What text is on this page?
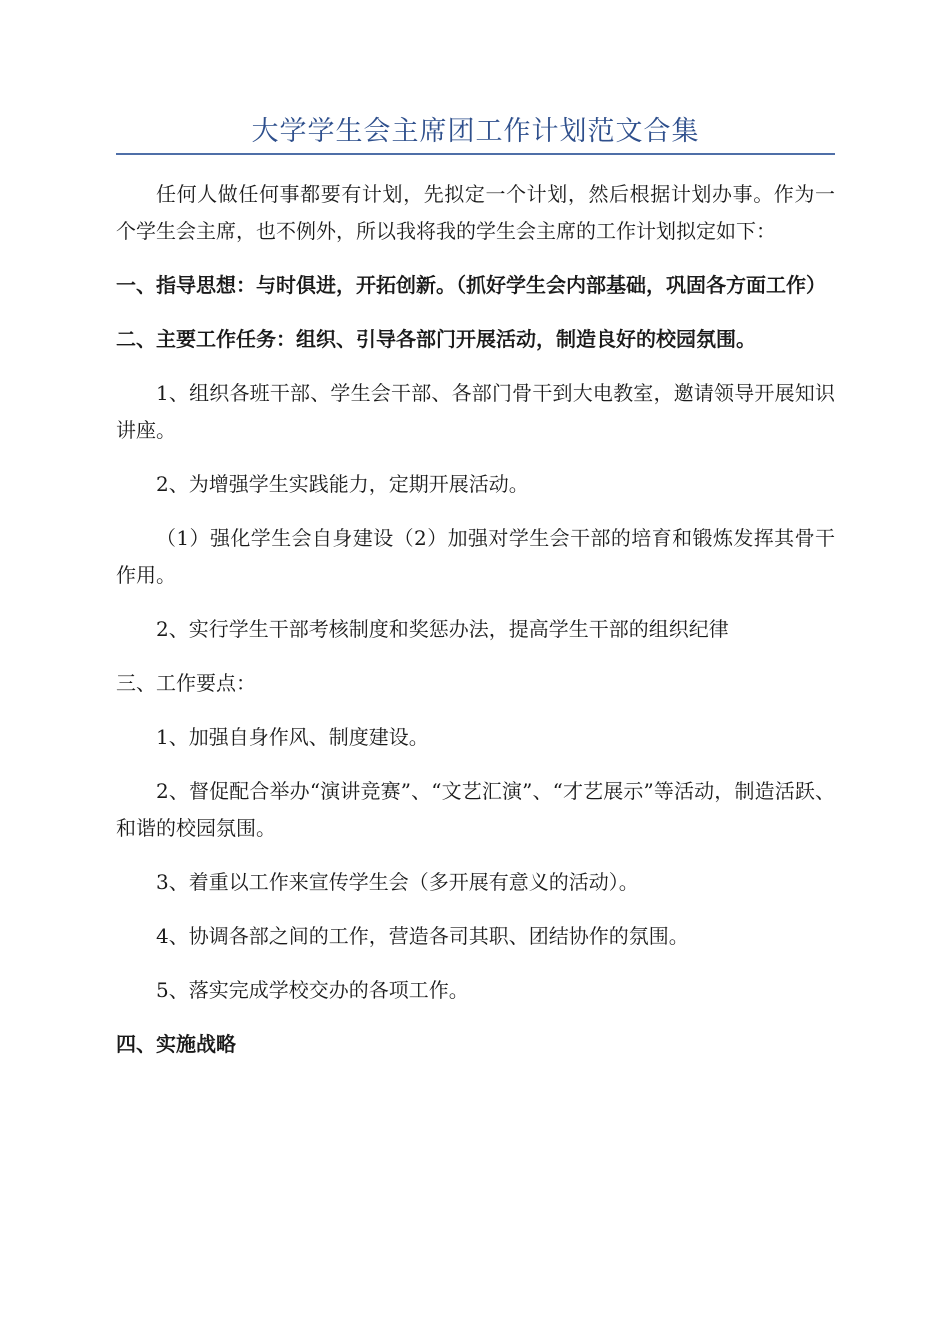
大学学生会主席团工作计划范文合集

任何人做任何事都要有计划，先拟定一个计划，然后根据计划办事。作为一个学生会主席，也不例外，所以我将我的学生会主席的工作计划拟定如下：

一、指导思想：与时俱进，开拓创新。（抓好学生会内部基础，巩固各方面工作）

二、主要工作任务：组织、引导各部门开展活动，制造良好的校园氛围。

1、组织各班干部、学生会干部、各部门骨干到大电教室，邀请领导开展知识讲座。

2、为增强学生实践能力，定期开展活动。

（1）强化学生会自身建设（2）加强对学生会干部的培育和锻炼发挥其骨干作用。

2、实行学生干部考核制度和奖惩办法，提高学生干部的组织纪律

三、工作要点：

1、加强自身作风、制度建设。

2、督促配合举办“演讲竞赛”、“文艺汇演”、“才艺展示”等活动，制造活跃、和谐的校园氛围。

3、着重以工作来宣传学生会（多开展有意义的活动）。

4、协调各部之间的工作，营造各司其职、团结协作的氛围。

5、落实完成学校交办的各项工作。

四、实施战略
